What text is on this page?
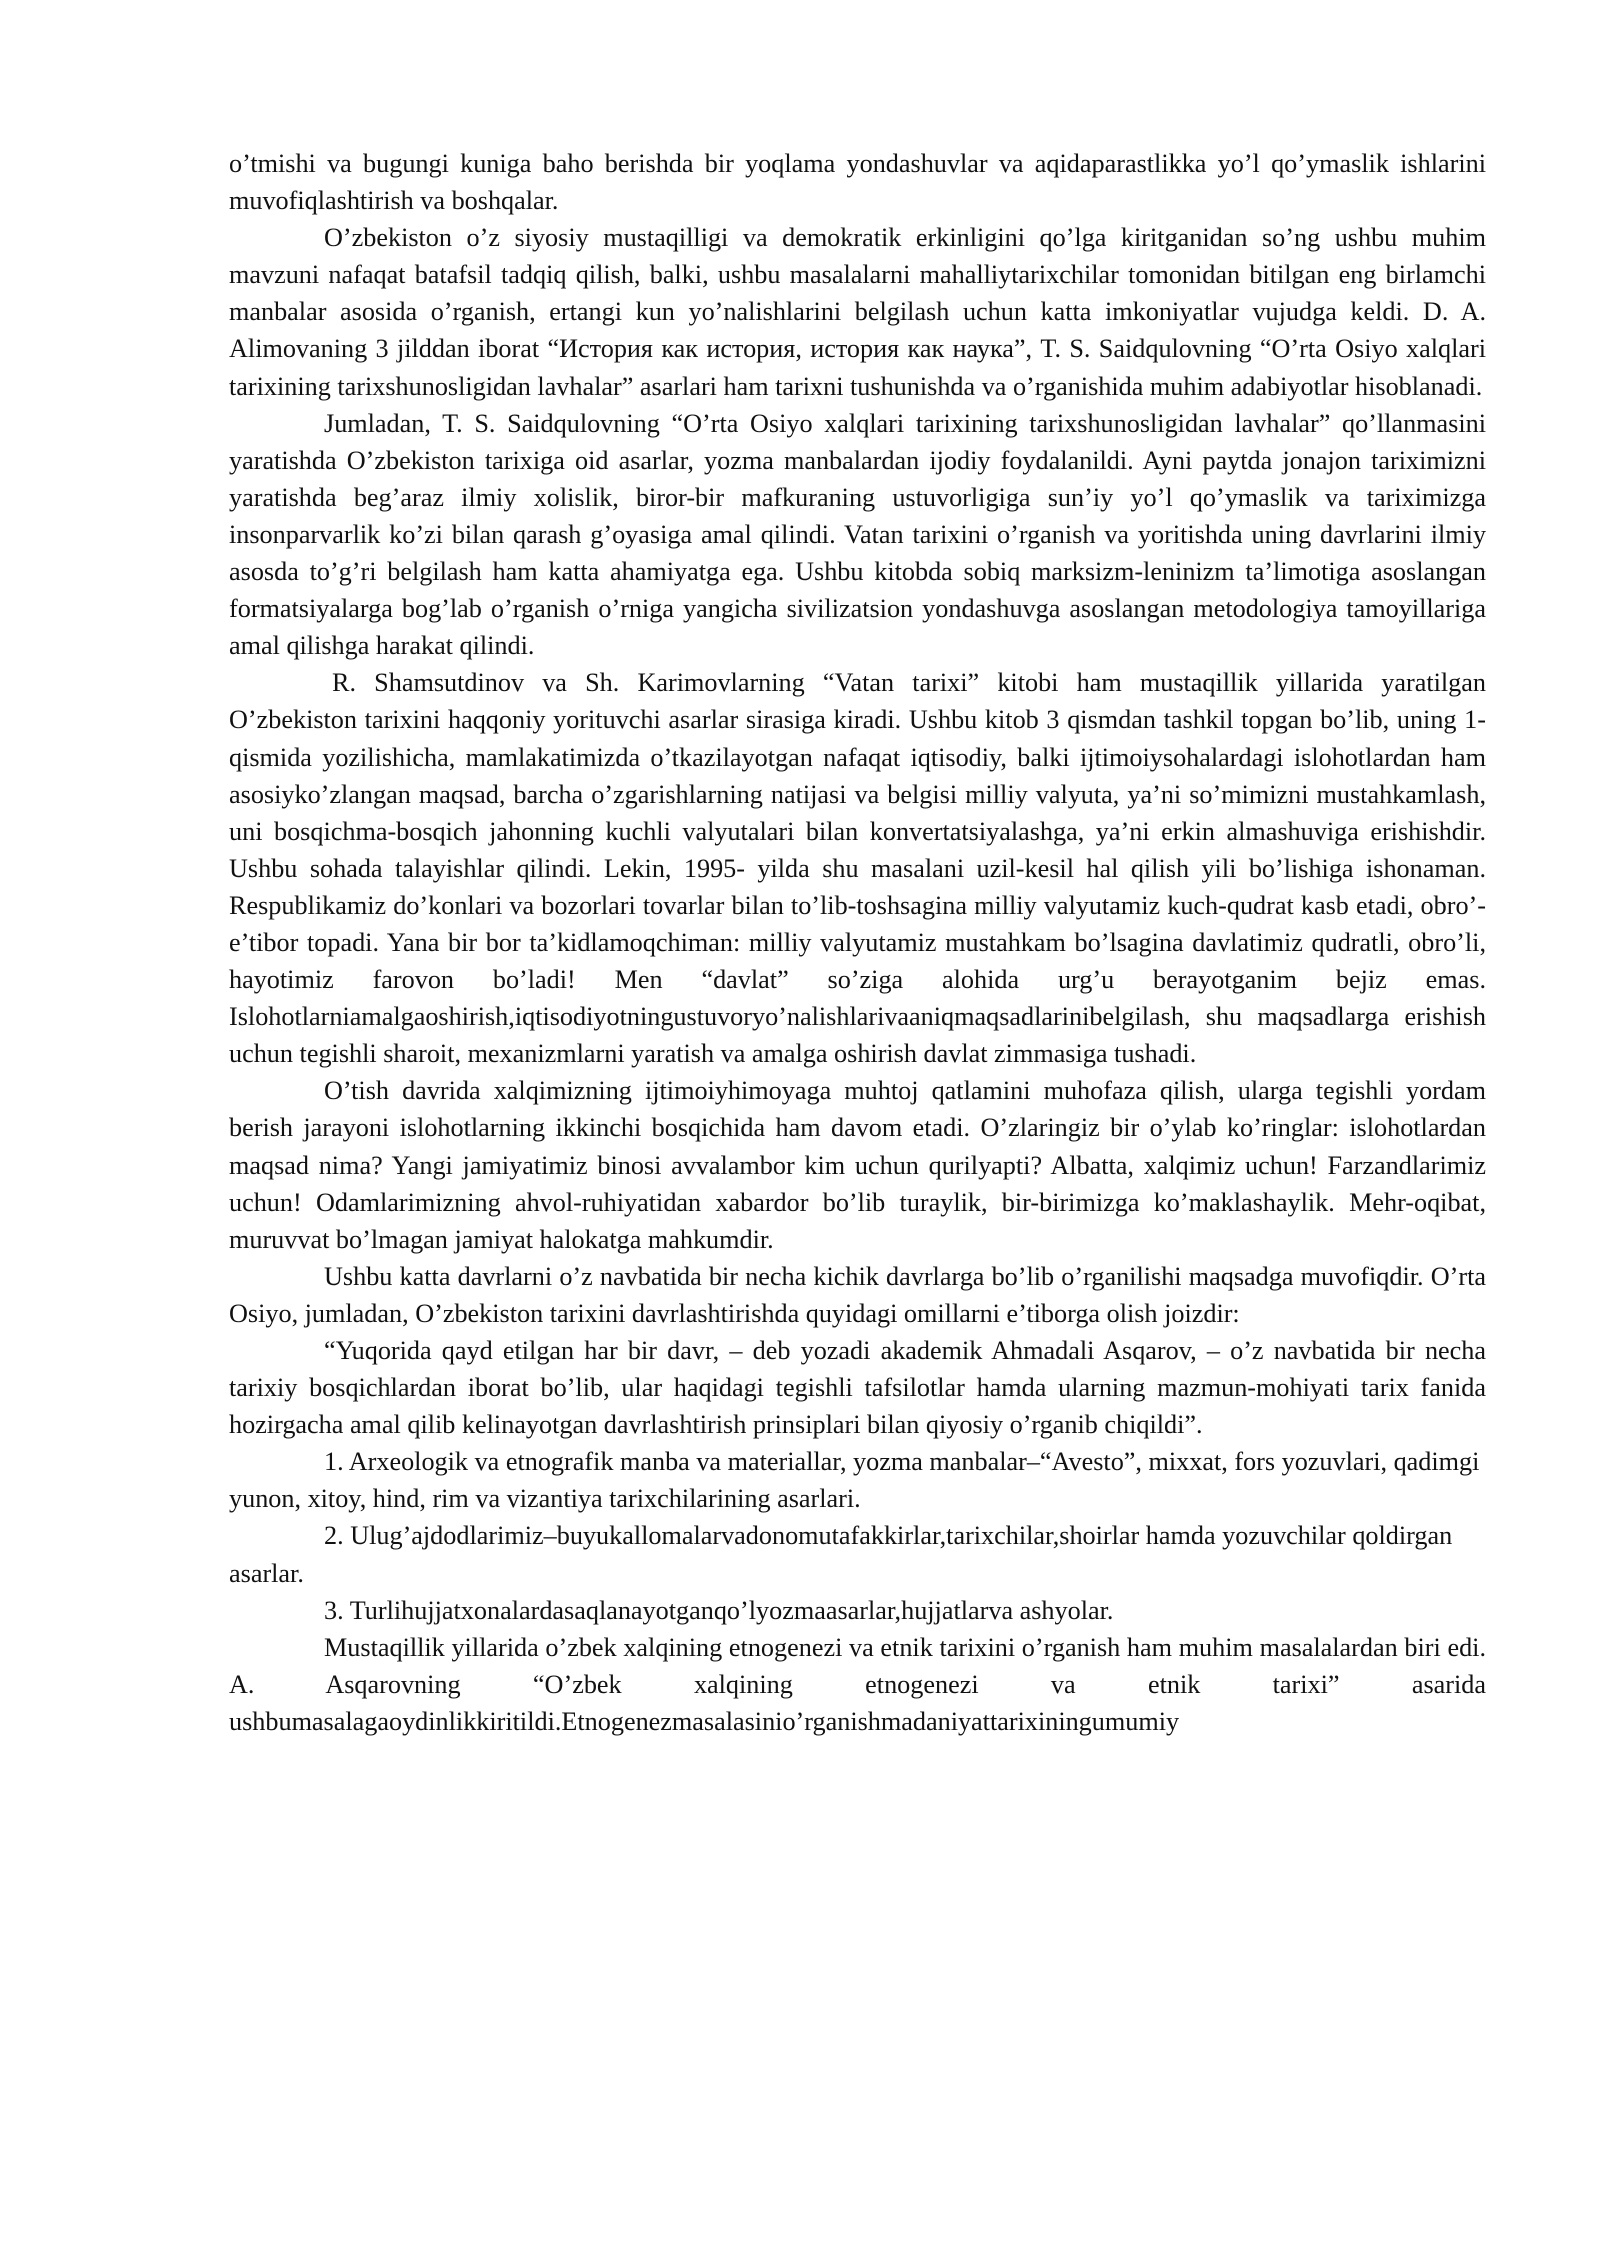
o’tmishi va bugungi kuniga baho berishda bir yoqlama yondashuvlar va aqidaparastlikka yo’l qo’ymaslik ishlarini muvofiqlashtirish va boshqalar.

O’zbekiston o’z siyosiy mustaqilligi va demokratik erkinligini qo’lga kiritganidan so’ng ushbu muhim mavzuni nafaqat batafsil tadqiq qilish, balki, ushbu masalalarni mahalliytarixchilar tomonidan bitilgan eng birlamchi manbalar asosida o’rganish, ertangi kun yo’nalishlarini belgilash uchun katta imkoniyatlar vujudga keldi. D. A. Alimovaning 3 jilddan iborat “История как история, история как наука”, T. S. Saidqulovning “O’rta Osiyo xalqlari tarixining tarixshunosligidan lavhalar” asarlari ham tarixni tushunishda va o’rganishida muhim adabiyotlar hisoblanadi.

Jumladan, T. S. Saidqulovning “O’rta Osiyo xalqlari tarixining tarixshunosligidan lavhalar” qo’llanmasini yaratishda O’zbekiston tarixiga oid asarlar, yozma manbalardan ijodiy foydalanildi. Ayni paytda jonajon tariximizni yaratishda beg’araz ilmiy xolislik, biror-bir mafkuraning ustuvorligiga sun’iy yo’l qo’ymaslik va tariximizga insonparvarlik ko’zi bilan qarash g’oyasiga amal qilindi. Vatan tarixini o’rganish va yoritishda uning davrlarini ilmiy asosda to’g’ri belgilash ham katta ahamiyatga ega. Ushbu kitobda sobiq marksizm-leninizm ta’limotiga asoslangan formatsiyalarga bog’lab o’rganish o’rniga yangicha sivilizatsion yondashuvga asoslangan metodologiya tamoyillariga amal qilishga harakat qilindi.

R. Shamsutdinov va Sh. Karimovlarning “Vatan tarixi” kitobi ham mustaqillik yillarida yaratilgan O’zbekiston tarixini haqqoniy yorituvchi asarlar sirasiga kiradi. Ushbu kitob 3 qismdan tashkil topgan bo’lib, uning 1-qismida yozilishicha, mamlakatimizda o’tkazilayotgan nafaqat iqtisodiy, balki ijtimoiysohalardagi islohotlardan ham asosiyko’zlangan maqsad, barcha o’zgarishlarning natijasi va belgisi milliy valyuta, ya’ni so’mimizni mustahkamlash, uni bosqichma-bosqich jahonning kuchli valyutalari bilan konvertatsiyalashga, ya’ni erkin almashuviga erishishdir. Ushbu sohada talayishlar qilindi. Lekin, 1995- yilda shu masalani uzil-kesil hal qilish yili bo’lishiga ishonaman. Respublikamiz do’konlari va bozorlari tovarlar bilan to’lib-toshsagina milliy valyutamiz kuch-qudrat kasb etadi, obro’-e’tibor topadi. Yana bir bor ta’kidlamoqchiman: milliy valyutamiz mustahkam bo’lsagina davlatimiz qudratli, obro’li, hayotimiz farovon bo’ladi! Men “davlat” so’ziga alohida urg’u berayotganim bejiz emas. Islohotlarniamalgaoshirish,iqtisodiyotningustuvoryo’nalishlarivaaniqmaqsadlarinibelgilash, shu maqsadlarga erishish uchun tegishli sharoit, mexanizmlarni yaratish va amalga oshirish davlat zimmasiga tushadi.

O’tish davrida xalqimizning ijtimoiyhimoyaga muhtoj qatlamini muhofaza qilish, ularga tegishli yordam berish jarayoni islohotlarning ikkinchi bosqichida ham davom etadi. O’zlaringiz bir o’ylab ko’ringlar: islohotlardan maqsad nima? Yangi jamiyatimiz binosi avvalambor kim uchun qurilyapti? Albatta, xalqimiz uchun! Farzandlarimiz uchun! Odamlarimizning ahvol-ruhiyatidan xabardor bo’lib turaylik, bir-birimizga ko’maklashaylik. Mehr-oqibat, muruvvat bo’lmagan jamiyat halokatga mahkumdir.

Ushbu katta davrlarni o’z navbatida bir necha kichik davrlarga bo’lib o’rganilishi maqsadga muvofiqdir. O’rta Osiyo, jumladan, O’zbekiston tarixini davrlashtirishda quyidagi omillarni e’tiborga olish joizdir:

“Yuqorida qayd etilgan har bir davr, – deb yozadi akademik Ahmadali Asqarov, – o’z navbatida bir necha tarixiy bosqichlardan iborat bo’lib, ular haqidagi tegishli tafsilotlar hamda ularning mazmun-mohiyati tarix fanida hozirgacha amal qilib kelinayotgan davrlashtirish prinsiplari bilan qiyosiy o’rganib chiqildi”.

1. Arxeologik va etnografik manba va materiallar, yozma manbalar–“Avesto”, mixxat, fors yozuvlari, qadimgi yunon, xitoy, hind, rim va vizantiya tarixchilarining asarlari.

2. Ulug’ajdodlarimiz–buyukallomalarvadonomutafakkirlar,tarixchilar,shoirlar hamda yozuvchilar qoldirgan asarlar.

3. Turlihujjatxonalardasaqlanayotganqo’lyozmaasarlar,hujjatlarva ashyolar.

Mustaqillik yillarida o’zbek xalqining etnogenezi va etnik tarixini o’rganish ham muhim masalalardan biri edi. A. Asqarovning “O’zbek xalqining etnogenezi va etnik tarixi” asarida ushbumasalagaoydinlikkiritildi.Etnogenezmasalasinio’rganishmadaniyattarixiningumumiy
